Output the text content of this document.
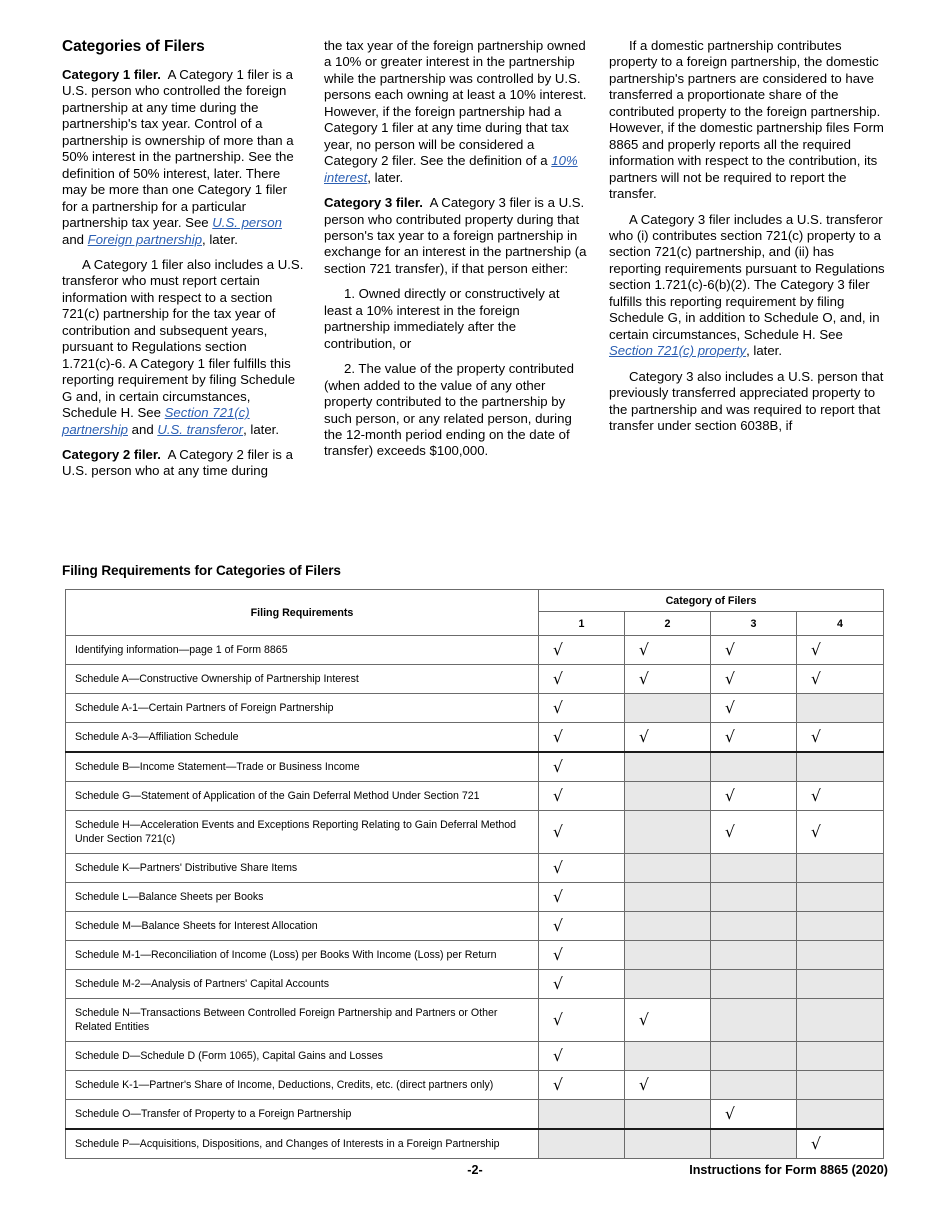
Categories of Filers

Category 1 filer. A Category 1 filer is a U.S. person who controlled the foreign partnership at any time during the partnership's tax year. Control of a partnership is ownership of more than a 50% interest in the partnership. See the definition of 50% interest, later. There may be more than one Category 1 filer for a partnership for a particular partnership tax year. See U.S. person and Foreign partnership, later.

A Category 1 filer also includes a U.S. transferor who must report certain information with respect to a section 721(c) partnership for the tax year of contribution and subsequent years, pursuant to Regulations section 1.721(c)-6. A Category 1 filer fulfills this reporting requirement by filing Schedule G and, in certain circumstances, Schedule H. See Section 721(c) partnership and U.S. transferor, later.

Category 2 filer. A Category 2 filer is a U.S. person who at any time during

the tax year of the foreign partnership owned a 10% or greater interest in the partnership while the partnership was controlled by U.S. persons each owning at least a 10% interest. However, if the foreign partnership had a Category 1 filer at any time during that tax year, no person will be considered a Category 2 filer. See the definition of a 10% interest, later.

Category 3 filer. A Category 3 filer is a U.S. person who contributed property during that person's tax year to a foreign partnership in exchange for an interest in the partnership (a section 721 transfer), if that person either:

1. Owned directly or constructively at least a 10% interest in the foreign partnership immediately after the contribution, or

2. The value of the property contributed (when added to the value of any other property contributed to the partnership by such person, or any related person, during the 12-month period ending on the date of transfer) exceeds $100,000.

If a domestic partnership contributes property to a foreign partnership, the domestic partnership's partners are considered to have transferred a proportionate share of the contributed property to the foreign partnership. However, if the domestic partnership files Form 8865 and properly reports all the required information with respect to the contribution, its partners will not be required to report the transfer.

A Category 3 filer includes a U.S. transferor who (i) contributes section 721(c) property to a section 721(c) partnership, and (ii) has reporting requirements pursuant to Regulations section 1.721(c)-6(b)(2). The Category 3 filer fulfills this reporting requirement by filing Schedule G, in addition to Schedule O, and, in certain circumstances, Schedule H. See Section 721(c) property, later.

Category 3 also includes a U.S. person that previously transferred appreciated property to the partnership and was required to report that transfer under section 6038B, if

Filing Requirements for Categories of Filers
Filing Requirements	Category of Filers			
	1	2	3	4
Identifying information—page 1 of Form 8865	√	√	√	√
Schedule A—Constructive Ownership of Partnership Interest	√	√	√	√
Schedule A-1—Certain Partners of Foreign Partnership	√		√	
Schedule A-3—Affiliation Schedule	√	√	√	√
Schedule B—Income Statement—Trade or Business Income	√			
Schedule G—Statement of Application of the Gain Deferral Method Under Section 721	√		√	√
Schedule H—Acceleration Events and Exceptions Reporting Relating to Gain Deferral Method Under Section 721(c)	√		√	√
Schedule K—Partners' Distributive Share Items	√			
Schedule L—Balance Sheets per Books	√			
Schedule M—Balance Sheets for Interest Allocation	√			
Schedule M-1—Reconciliation of Income (Loss) per Books With Income (Loss) per Return	√			
Schedule M-2—Analysis of Partners' Capital Accounts	√			
Schedule N—Transactions Between Controlled Foreign Partnership and Partners or Other Related Entities	√	√		
Schedule D—Schedule D (Form 1065), Capital Gains and Losses	√			
Schedule K-1—Partner's Share of Income, Deductions, Credits, etc. (direct partners only)	√	√		
Schedule O—Transfer of Property to a Foreign Partnership			√	
Schedule P—Acquisitions, Dispositions, and Changes of Interests in a Foreign Partnership				√
-2-	Instructions for Form 8865 (2020)
